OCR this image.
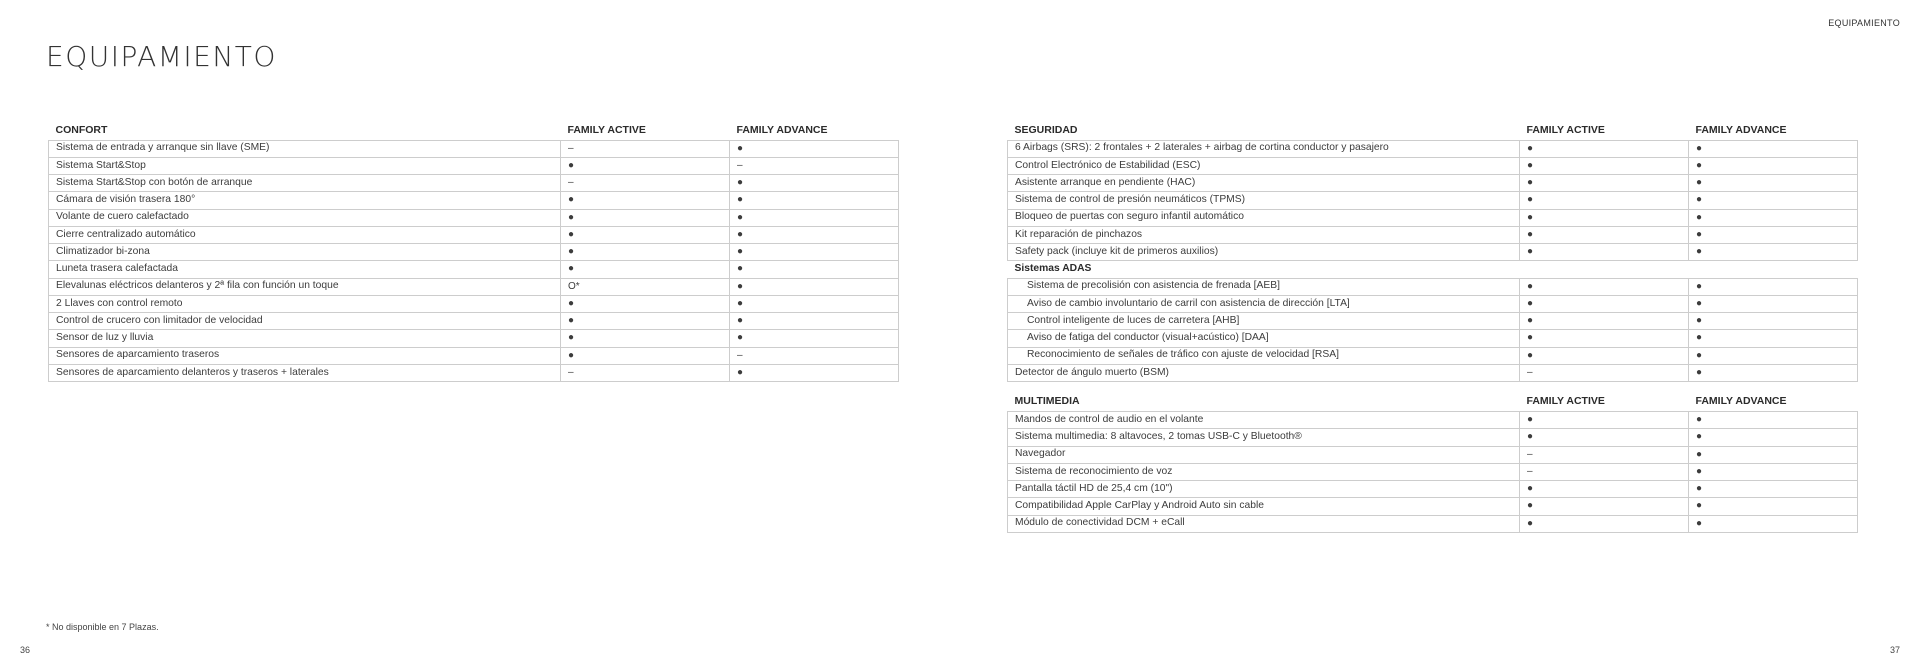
EQUIPAMIENTO
EQUIPAMIENTO
CONFORT	FAMILY ACTIVE	FAMILY ADVANCE
Sistema de entrada y arranque sin llave (SME)	–	●
Sistema Start&Stop	●	–
Sistema Start&Stop con botón de arranque	–	●
Cámara de visión trasera 180°	●	●
Volante de cuero calefactado	●	●
Cierre centralizado automático	●	●
Climatizador bi-zona	●	●
Luneta trasera calefactada	●	●
Elevalunas eléctricos delanteros y 2ª fila con función un toque	O*	●
2 Llaves con control remoto	●	●
Control de crucero con limitador de velocidad	●	●
Sensor de luz y lluvia	●	●
Sensores de aparcamiento traseros	●	–
Sensores de aparcamiento delanteros y traseros + laterales	–	●
SEGURIDAD	FAMILY ACTIVE	FAMILY ADVANCE
6 Airbags (SRS): 2 frontales + 2 laterales + airbag de cortina conductor y pasajero	●	●
Control Electrónico de Estabilidad (ESC)	●	●
Asistente arranque en pendiente (HAC)	●	●
Sistema de control de presión neumáticos (TPMS)	●	●
Bloqueo de puertas con seguro infantil automático	●	●
Kit reparación de pinchazos	●	●
Safety pack (incluye kit de primeros auxilios)	●	●
Sistemas ADAS		
Sistema de precolisión con asistencia de frenada [AEB]	●	●
Aviso de cambio involuntario de carril con asistencia de dirección [LTA]	●	●
Control inteligente de luces de carretera [AHB]	●	●
Aviso de fatiga del conductor (visual+acústico) [DAA]	●	●
Reconocimiento de señales de tráfico con ajuste de velocidad [RSA]	●	●
Detector de ángulo muerto (BSM)	–	●

MULTIMEDIA	FAMILY ACTIVE	FAMILY ADVANCE
Mandos de control de audio en el volante	●	●
Sistema multimedia: 8 altavoces, 2 tomas USB-C y Bluetooth®	●	●
Navegador	–	●
Sistema de reconocimiento de voz	–	●
Pantalla táctil HD de 25,4 cm (10")	●	●
Compatibilidad Apple CarPlay y Android Auto sin cable	●	●
Módulo de conectividad DCM + eCall	●	●
* No disponible en 7 Plazas.
36	37
